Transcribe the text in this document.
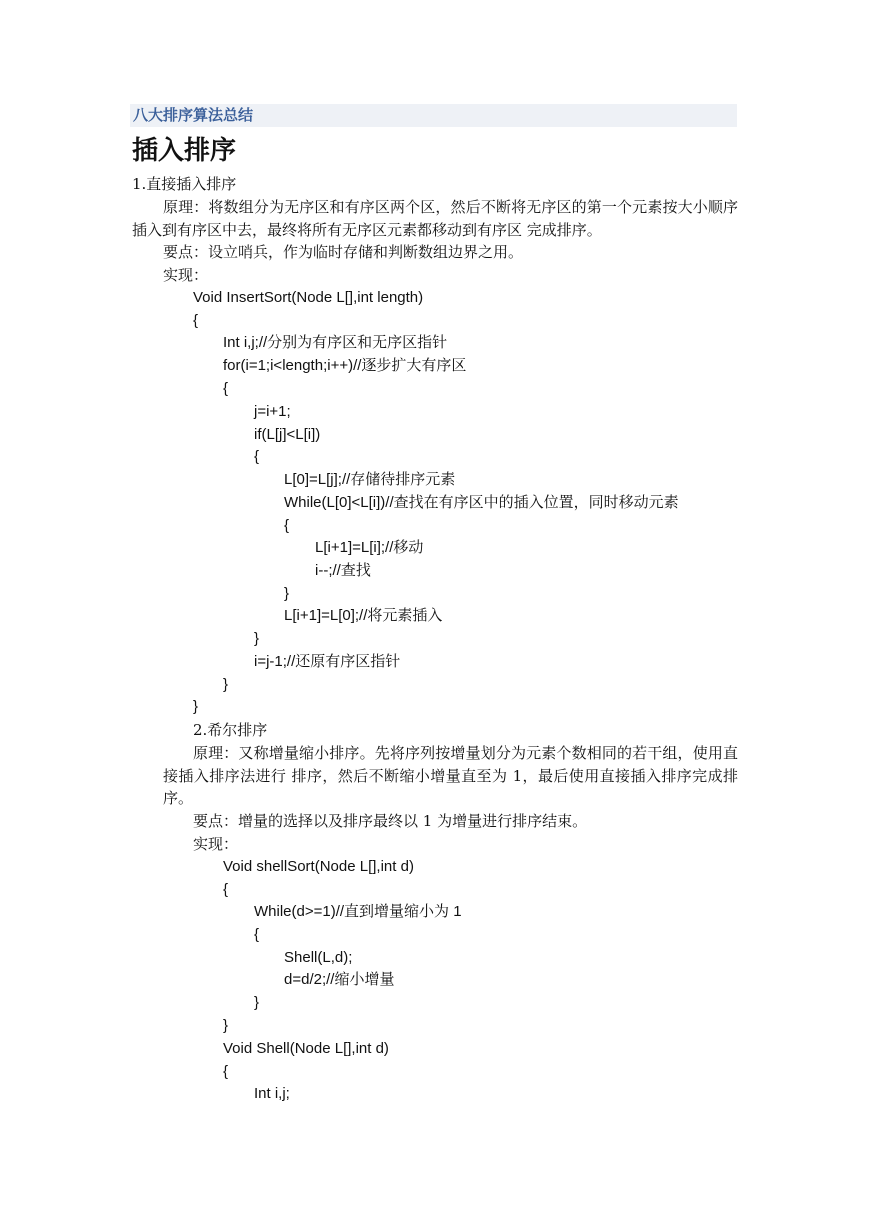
八大排序算法总结
插入排序
1.直接插入排序
原理：将数组分为无序区和有序区两个区，然后不断将无序区的第一个元素按大小顺序插入到有序区中去，最终将所有无序区元素都移动到有序区 完成排序。
要点：设立哨兵，作为临时存储和判断数组边界之用。
实现：
Void InsertSort(Node L[],int length)
{
Int i,j;//分别为有序区和无序区指针
for(i=1;i<length;i++)//逐步扩大有序区
{
j=i+1;
if(L[j]<L[i])
{
L[0]=L[j];//存储待排序元素
While(L[0]<L[i])//查找在有序区中的插入位置，同时移动元素
{
L[i+1]=L[i];//移动
i--;//查找
}
L[i+1]=L[0];//将元素插入
}
i=j-1;//还原有序区指针
}
}
2.希尔排序
原理：又称增量缩小排序。先将序列按增量划分为元素个数相同的若干组，使用直接插入排序法进行 排序，然后不断缩小增量直至为 1，最后使用直接插入排序完成排序。
要点：增量的选择以及排序最终以 1 为增量进行排序结束。
实现：
Void shellSort(Node L[],int d)
{
While(d>=1)//直到增量缩小为 1
{
Shell(L,d);
d=d/2;//缩小增量
}
}
Void Shell(Node L[],int d)
{
Int i,j;
